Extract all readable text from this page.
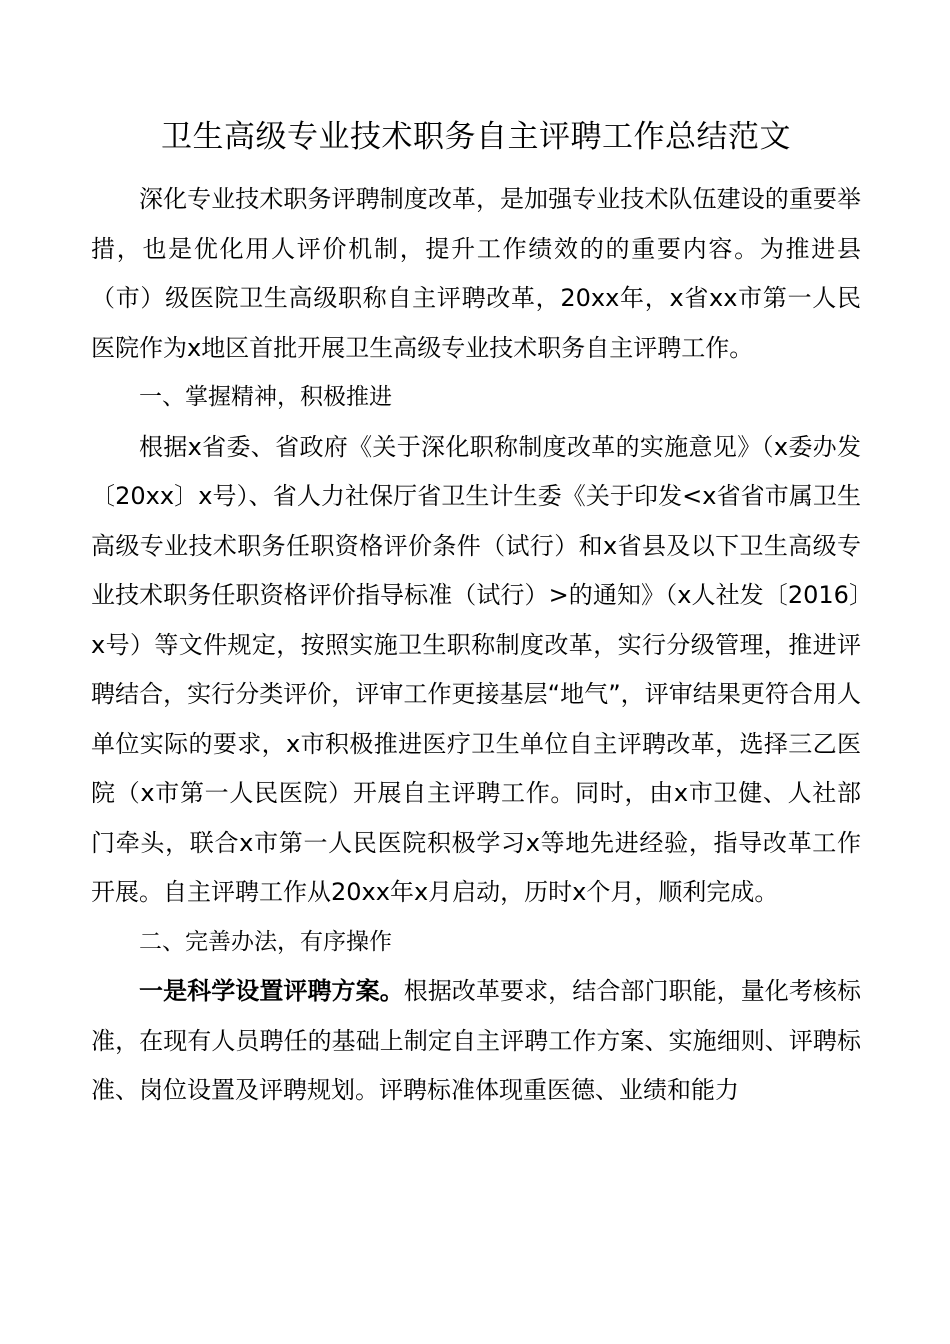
卫生高级专业技术职务自主评聘工作总结范文

深化专业技术职务评聘制度改革，是加强专业技术队伍建设的重要举措，也是优化用人评价机制，提升工作绩效的的重要内容。为推进县（市）级医院卫生高级职称自主评聘改革，20xx年，x省xx市第一人民医院作为x地区首批开展卫生高级专业技术职务自主评聘工作。

一、掌握精神，积极推进

根据x省委、省政府《关于深化职称制度改革的实施意见》（x委办发〔20xx〕x号）、省人力社保厅省卫生计生委《关于印发<x省省市属卫生高级专业技术职务任职资格评价条件（试行）和x省县及以下卫生高级专业技术职务任职资格评价指导标准（试行）>的通知》（x人社发〔2016〕x号）等文件规定，按照实施卫生职称制度改革，实行分级管理，推进评聘结合，实行分类评价，评审工作更接基层“地气”，评审结果更符合用人单位实际的要求，x市积极推进医疗卫生单位自主评聘改革，选择三乙医院（x市第一人民医院）开展自主评聘工作。同时，由x市卫健、人社部门牵头，联合x市第一人民医院积极学习x等地先进经验，指导改革工作开展。自主评聘工作从20xx年x月启动，历时x个月，顺利完成。

二、完善办法，有序操作

一是科学设置评聘方案。根据改革要求，结合部门职能，量化考核标准，在现有人员聘任的基础上制定自主评聘工作方案、实施细则、评聘标准、岗位设置及评聘规划。评聘标准体现重医德、业绩和能力
